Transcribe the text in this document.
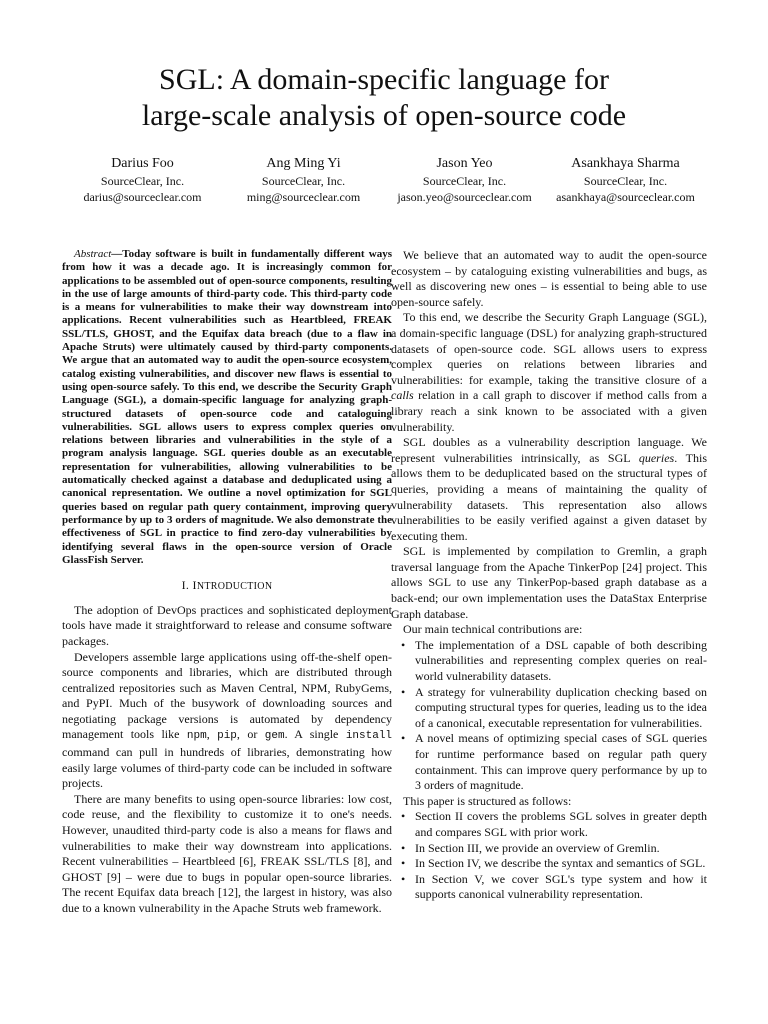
SGL: A domain-specific language for
large-scale analysis of open-source code
Darius Foo
SourceClear, Inc.
darius@sourceclear.com
Ang Ming Yi
SourceClear, Inc.
ming@sourceclear.com
Jason Yeo
SourceClear, Inc.
jason.yeo@sourceclear.com
Asankhaya Sharma
SourceClear, Inc.
asankhaya@sourceclear.com

Abstract—Today software is built in fundamentally different ways from how it was a decade ago. It is increasingly common for applications to be assembled out of open-source components, resulting in the use of large amounts of third-party code. This third-party code is a means for vulnerabilities to make their way downstream into applications. Recent vulnerabilities such as Heartbleed, FREAK SSL/TLS, GHOST, and the Equifax data breach (due to a flaw in Apache Struts) were ultimately caused by third-party components. We argue that an automated way to audit the open-source ecosystem, catalog existing vulnerabilities, and discover new flaws is essential to using open-source safely. To this end, we describe the Security Graph Language (SGL), a domain-specific language for analyzing graph-structured datasets of open-source code and cataloguing vulnerabilities. SGL allows users to express complex queries on relations between libraries and vulnerabilities in the style of a program analysis language. SGL queries double as an executable representation for vulnerabilities, allowing vulnerabilities to be automatically checked against a database and deduplicated using a canonical representation. We outline a novel optimization for SGL queries based on regular path query containment, improving query performance by up to 3 orders of magnitude. We also demonstrate the effectiveness of SGL in practice to find zero-day vulnerabilities by identifying several flaws in the open-source version of Oracle GlassFish Server.

I. INTRODUCTION

The adoption of DevOps practices and sophisticated deployment tools have made it straightforward to release and consume software packages.

Developers assemble large applications using off-the-shelf open-source components and libraries, which are distributed through centralized repositories such as Maven Central, NPM, RubyGems, and PyPI. Much of the busywork of downloading sources and negotiating package versions is automated by dependency management tools like npm, pip, or gem. A single install command can pull in hundreds of libraries, demonstrating how easily large volumes of third-party code can be included in software projects.

There are many benefits to using open-source libraries: low cost, code reuse, and the flexibility to customize it to one's needs. However, unaudited third-party code is also a means for flaws and vulnerabilities to make their way downstream into applications. Recent vulnerabilities – Heartbleed [6], FREAK SSL/TLS [8], and GHOST [9] – were due to bugs in popular open-source libraries. The recent Equifax data breach [12], the largest in history, was also due to a known vulnerability in the Apache Struts web framework.

We believe that an automated way to audit the open-source ecosystem – by cataloguing existing vulnerabilities and bugs, as well as discovering new ones – is essential to being able to use open-source safely.

To this end, we describe the Security Graph Language (SGL), a domain-specific language (DSL) for analyzing graph-structured datasets of open-source code. SGL allows users to express complex queries on relations between libraries and vulnerabilities: for example, taking the transitive closure of a calls relation in a call graph to discover if method calls from a library reach a sink known to be associated with a given vulnerability.

SGL doubles as a vulnerability description language. We represent vulnerabilities intrinsically, as SGL queries. This allows them to be deduplicated based on the structural types of queries, providing a means of maintaining the quality of vulnerability datasets. This representation also allows vulnerabilities to be easily verified against a given dataset by executing them.

SGL is implemented by compilation to Gremlin, a graph traversal language from the Apache TinkerPop [24] project. This allows SGL to use any TinkerPop-based graph database as a back-end; our own implementation uses the DataStax Enterprise Graph database.

Our main technical contributions are:

• The implementation of a DSL capable of both describing vulnerabilities and representing complex queries on real-world vulnerability datasets.
• A strategy for vulnerability duplication checking based on computing structural types for queries, leading us to the idea of a canonical, executable representation for vulnerabilities.
• A novel means of optimizing special cases of SGL queries for runtime performance based on regular path query containment. This can improve query performance by up to 3 orders of magnitude.

This paper is structured as follows:

• Section II covers the problems SGL solves in greater depth and compares SGL with prior work.
• In Section III, we provide an overview of Gremlin.
• In Section IV, we describe the syntax and semantics of SGL.
• In Section V, we cover SGL's type system and how it supports canonical vulnerability representation.
